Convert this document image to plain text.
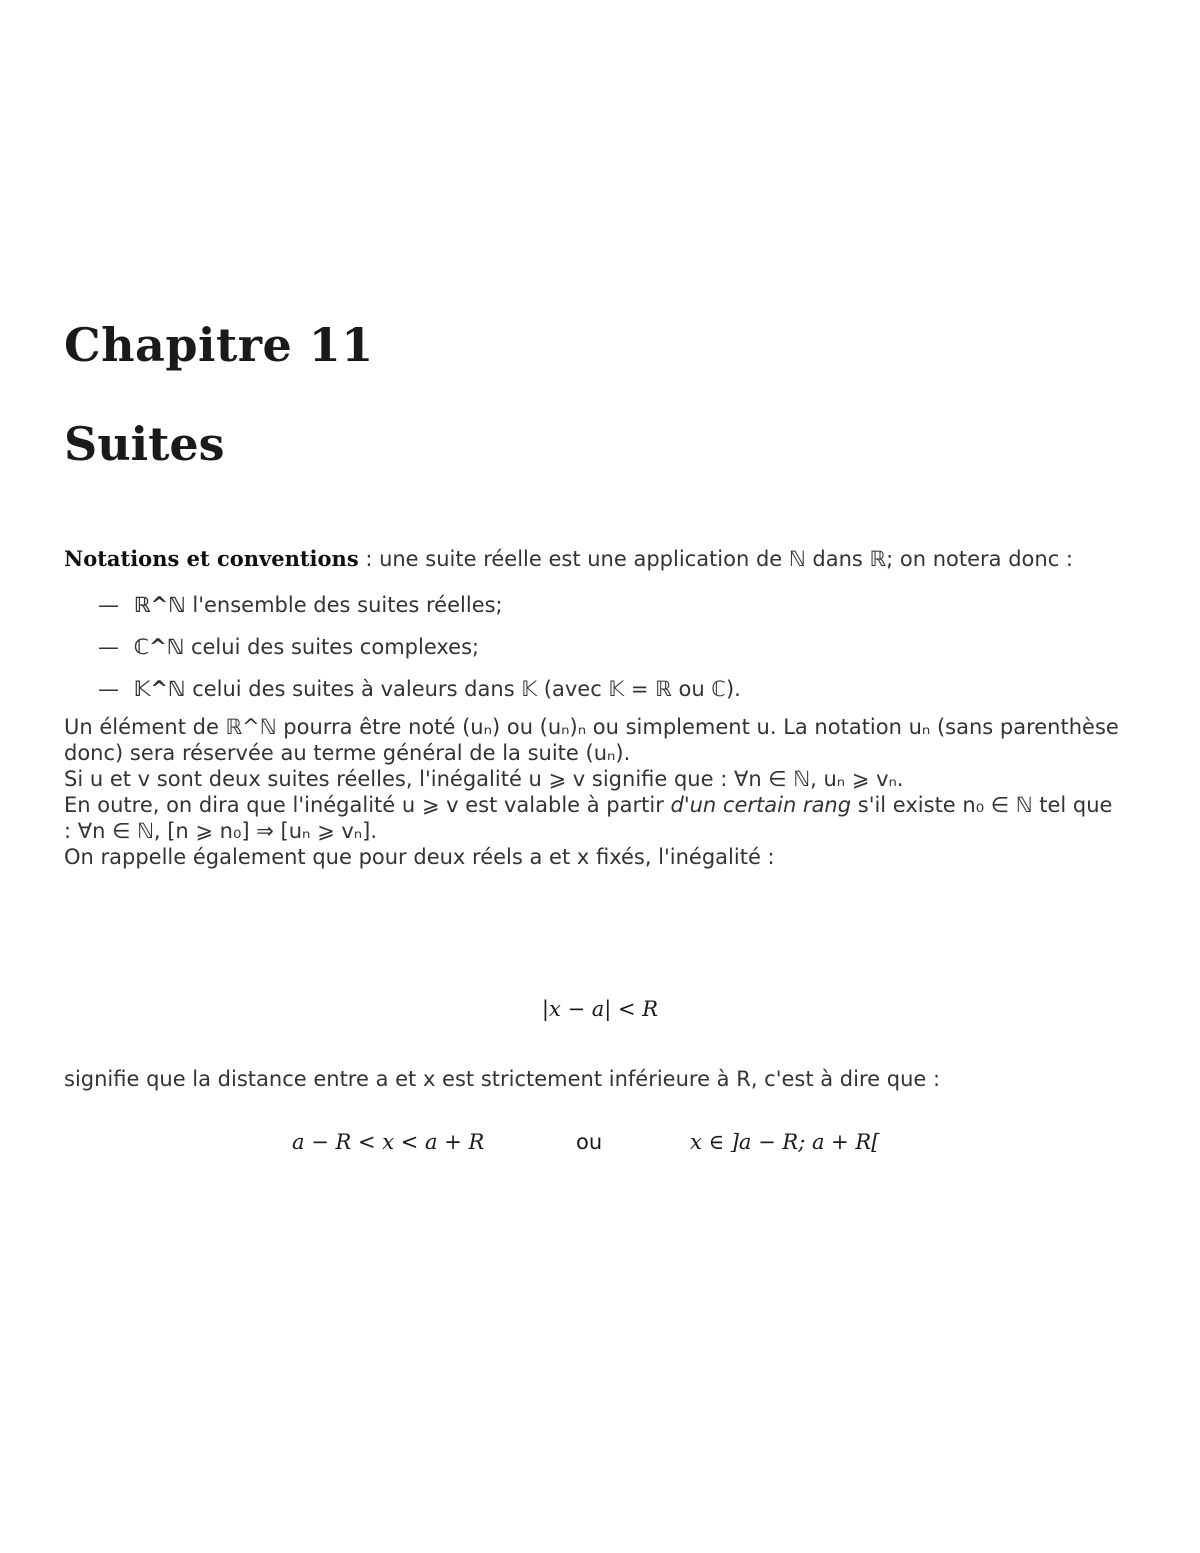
Chapitre 11
Suites

Notations et conventions : une suite réelle est une application de ℕ dans ℝ; on notera donc :

— ℝ^ℕ l'ensemble des suites réelles;
— ℂ^ℕ celui des suites complexes;
— 𝕂^ℕ celui des suites à valeurs dans 𝕂 (avec 𝕂 = ℝ ou ℂ).

Un élément de ℝ^ℕ pourra être noté (uₙ) ou (uₙ)ₙ ou simplement u. La notation uₙ (sans parenthèse donc) sera réservée au terme général de la suite (uₙ).

Si u et v sont deux suites réelles, l'inégalité u ⩾ v signifie que : ∀n ∈ ℕ, uₙ ⩾ vₙ.

En outre, on dira que l'inégalité u ⩾ v est valable à partir d'un certain rang s'il existe n₀ ∈ ℕ tel que : ∀n ∈ ℕ, [n ⩾ n₀] ⇒ [uₙ ⩾ vₙ].

On rappelle également que pour deux réels a et x fixés, l'inégalité :

|x − a| < R

signifie que la distance entre a et x est strictement inférieure à R, c'est à dire que :

a − R < x < a + R	ou	x ∈ ]a − R; a + R[
